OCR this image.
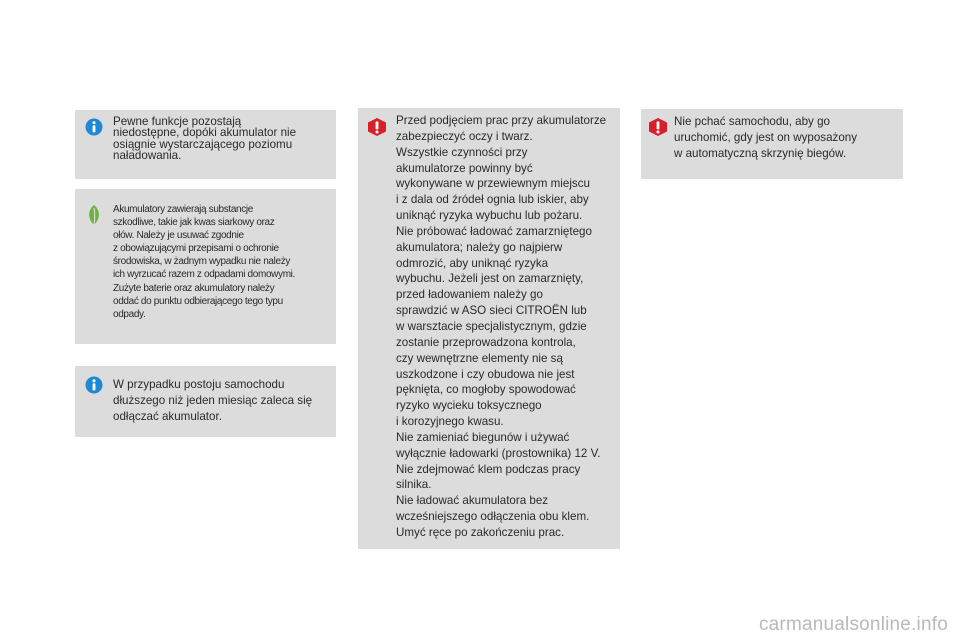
Pewne funkcje pozostają
niedostępne, dopóki akumulator nie
osiągnie wystarczającego poziomu
naładowania.

Akumulatory zawierają substancje
szkodliwe, takie jak kwas siarkowy oraz
ołów. Należy je usuwać zgodnie
z obowiązującymi przepisami o ochronie
środowiska, w żadnym wypadku nie należy
ich wyrzucać razem z odpadami domowymi.
Zużyte baterie oraz akumulatory należy
oddać do punktu odbierającego tego typu
odpady.

W przypadku postoju samochodu
dłuższego niż jeden miesiąc zaleca się
odłączać akumulator.

Przed podjęciem prac przy akumulatorze
zabezpieczyć oczy i twarz.
Wszystkie czynności przy
akumulatorze powinny być
wykonywane w przewiewnym miejscu
i z dala od źródeł ognia lub iskier, aby
uniknąć ryzyka wybuchu lub pożaru.
Nie próbować ładować zamarzniętego
akumulatora; należy go najpierw
odmrozić, aby uniknąć ryzyka
wybuchu. Jeżeli jest on zamarznięty,
przed ładowaniem należy go
sprawdzić w ASO sieci CITROËN lub
w warsztacie specjalistycznym, gdzie
zostanie przeprowadzona kontrola,
czy wewnętrzne elementy nie są
uszkodzone i czy obudowa nie jest
pęknięta, co mogłoby spowodować
ryzyko wycieku toksycznego
i korozyjnego kwasu.
Nie zamieniać biegunów i używać
wyłącznie ładowarki (prostownika) 12 V.
Nie zdejmować klem podczas pracy
silnika.
Nie ładować akumulatora bez
wcześniejszego odłączenia obu klem.
Umyć ręce po zakończeniu prac.

Nie pchać samochodu, aby go
uruchomić, gdy jest on wyposażony
w automatyczną skrzynię biegów.

carmanualsonline.info
